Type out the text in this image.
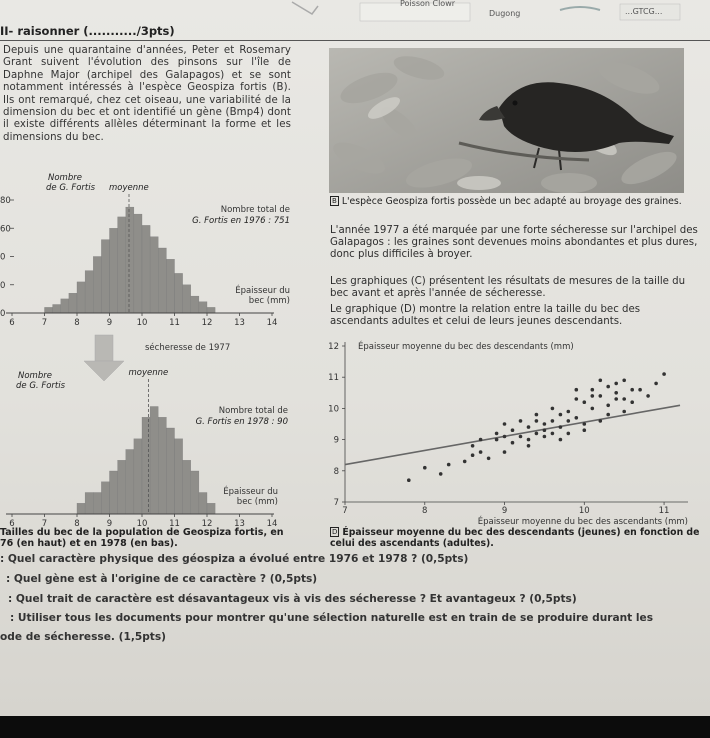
Poisson Clowr
Dugong	...GTCG...
II- raisonner (.........../3pts)
Depuis une quarantaine d'années, Peter et Rosemary Grant suivent l'évolution des pinsons sur l'île de Daphne Major (archipel des Galapagos) et se sont notamment intéressés à l'espèce Geospiza fortis (B). Ils ont remarqué, chez cet oiseau, une variabilité de la dimension du bec et ont identifié un gène (Bmp4) dont il existe différents allèles déterminant la forme et les dimensions du bec.
B L'espèce Geospiza fortis possède un bec adapté au broyage des graines.
L'année 1977 a été marquée par une forte sécheresse sur l'archipel des Galapagos : les graines sont devenues moins abondantes et plus dures, donc plus difficiles à broyer.
Les graphiques (C) présentent les résultats de mesures de la taille du bec avant et après l'année de sécheresse.
Le graphique (D) montre la relation entre la taille du bec des ascendants adultes et celui de leurs jeunes descendants.
6	7	8	9	10	11	12	13	14
moyenne
Nombre
de G. Fortis
Nombre total de
G. Fortis en 1976 : 751
Épaisseur du
bec (mm)
80
60
0
0
0
6	7	8	9	10	11	12	13	14
moyenne
Nombre
de G. Fortis
Nombre total de
G. Fortis en 1978 : 90
Épaisseur du
bec (mm)
sécheresse de 1977
7
8
9
10
11
12
7	8	9	10	11
Épaisseur moyenne du bec des descendants (mm)
Épaisseur moyenne du bec des ascendants (mm)
Tailles du bec de la population de Geospiza fortis, en
76 (en haut) et en 1978 (en bas).
D Épaisseur moyenne du bec des descendants (jeunes) en fonction de celui des ascendants (adultes).
: Quel caractère physique des géospiza a évolué entre 1976 et 1978 ? (0,5pts)
: Quel gène est à l'origine de ce caractère ? (0,5pts)
: Quel trait de caractère est désavantageux vis à vis des sécheresse ? Et avantageux ? (0,5pts)
: Utiliser tous les documents pour montrer qu'une sélection naturelle est en train de se produire durant les
ode de sécheresse. (1,5pts)
